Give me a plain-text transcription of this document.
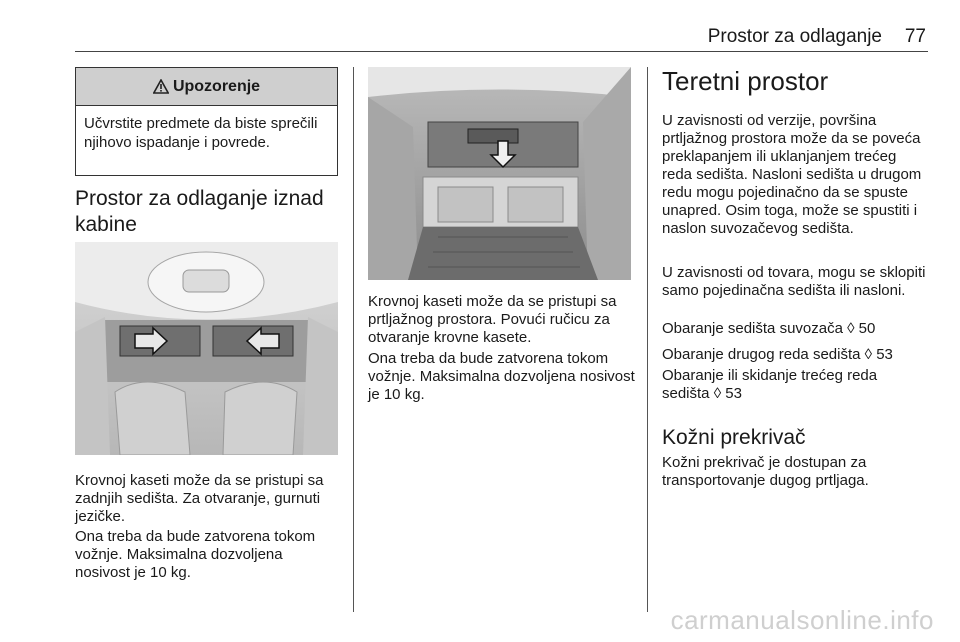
Prostor za odlaganje 77
Upozorenje
Učvrstite predmete da biste sprečili njihovo ispadanje i povrede.
Prostor za odlaganje iznad
kabine

Krovnoj kaseti može da se pristupi sa zadnjih sedišta. Za otvaranje, gurnuti jezičke.

Ona treba da bude zatvorena tokom vožnje. Maksimalna dozvoljena nosivost je 10 kg.

Krovnoj kaseti može da se pristupi sa prtljažnog prostora. Povući ručicu za otvaranje krovne kasete.

Ona treba da bude zatvorena tokom vožnje. Maksimalna dozvoljena nosivost je 10 kg.

Teretni prostor

U zavisnosti od verzije, površina prtljažnog prostora može da se poveća preklapanjem ili uklanjanjem trećeg reda sedišta. Nasloni sedišta u drugom redu mogu pojedinačno da se spuste unapred. Osim toga, može se spustiti i naslon suvozačevog sedišta.

U zavisnosti od tovara, mogu se sklopiti samo pojedinačna sedišta ili nasloni.

Obaranje sedišta suvozača ◊ 50

Obaranje drugog reda sedišta ◊ 53

Obaranje ili skidanje trećeg reda
sedišta ◊ 53

Kožni prekrivač

Kožni prekrivač je dostupan za transportovanje dugog prtljaga.

carmanualsonline.info
